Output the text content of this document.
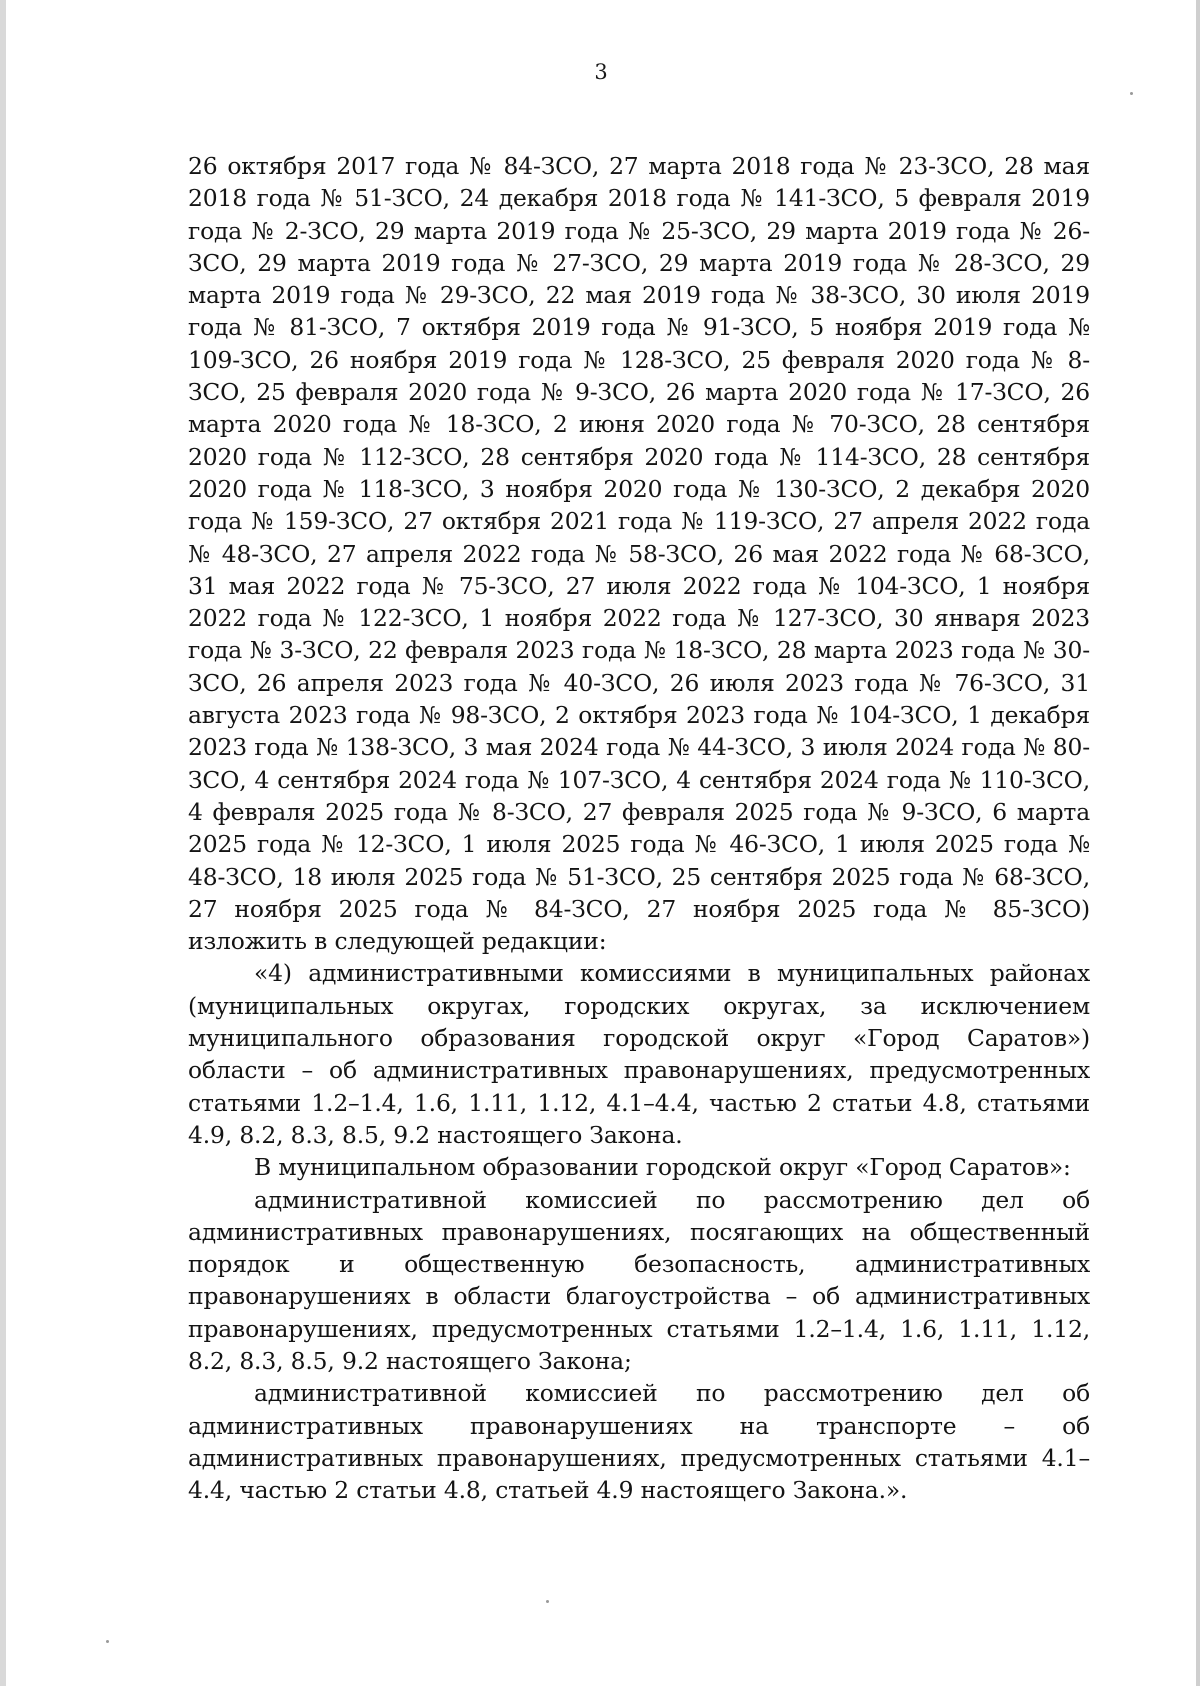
3

26 октября 2017 года № 84-ЗСО, 27 марта 2018 года № 23-ЗСО, 28 мая 2018 года № 51-ЗСО, 24 декабря 2018 года № 141-ЗСО, 5 февраля 2019 года № 2-ЗСО, 29 марта 2019 года № 25-ЗСО, 29 марта 2019 года № 26-ЗСО, 29 марта 2019 года № 27-ЗСО, 29 марта 2019 года № 28-ЗСО, 29 марта 2019 года № 29-ЗСО, 22 мая 2019 года № 38-ЗСО, 30 июля 2019 года № 81-ЗСО, 7 октября 2019 года № 91-ЗСО, 5 ноября 2019 года № 109-ЗСО, 26 ноября 2019 года № 128-ЗСО, 25 февраля 2020 года № 8-ЗСО, 25 февраля 2020 года № 9-ЗСО, 26 марта 2020 года № 17-ЗСО, 26 марта 2020 года № 18-ЗСО, 2 июня 2020 года № 70-ЗСО, 28 сентября 2020 года № 112-ЗСО, 28 сентября 2020 года № 114-ЗСО, 28 сентября 2020 года № 118-ЗСО, 3 ноября 2020 года № 130-ЗСО, 2 декабря 2020 года № 159-ЗСО, 27 октября 2021 года № 119-ЗСО, 27 апреля 2022 года № 48-ЗСО, 27 апреля 2022 года № 58-ЗСО, 26 мая 2022 года № 68-ЗСО, 31 мая 2022 года № 75-ЗСО, 27 июля 2022 года № 104-ЗСО, 1 ноября 2022 года № 122-ЗСО, 1 ноября 2022 года № 127-ЗСО, 30 января 2023 года № 3-ЗСО, 22 февраля 2023 года № 18-ЗСО, 28 марта 2023 года № 30-ЗСО, 26 апреля 2023 года № 40-ЗСО, 26 июля 2023 года № 76-ЗСО, 31 августа 2023 года № 98-ЗСО, 2 октября 2023 года № 104-ЗСО, 1 декабря 2023 года № 138-ЗСО, 3 мая 2024 года № 44-ЗСО, 3 июля 2024 года № 80-ЗСО, 4 сентября 2024 года № 107-ЗСО, 4 сентября 2024 года № 110-ЗСО, 4 февраля 2025 года № 8-ЗСО, 27 февраля 2025 года № 9-ЗСО, 6 марта 2025 года № 12-ЗСО, 1 июля 2025 года № 46-ЗСО, 1 июля 2025 года № 48-ЗСО, 18 июля 2025 года № 51-ЗСО, 25 сентября 2025 года № 68-ЗСО, 27 ноября 2025 года № 84-ЗСО, 27 ноября 2025 года № 85-ЗСО) изложить в следующей редакции:

«4) административными комиссиями в муниципальных районах (муниципальных округах, городских округах, за исключением муниципального образования городской округ «Город Саратов») области – об административных правонарушениях, предусмотренных статьями 1.2–1.4, 1.6, 1.11, 1.12, 4.1–4.4, частью 2 статьи 4.8, статьями 4.9, 8.2, 8.3, 8.5, 9.2 настоящего Закона.

В муниципальном образовании городской округ «Город Саратов»:

административной комиссией по рассмотрению дел об административных правонарушениях, посягающих на общественный порядок и общественную безопасность, административных правонарушениях в области благоустройства – об административных правонарушениях, предусмотренных статьями 1.2–1.4, 1.6, 1.11, 1.12, 8.2, 8.3, 8.5, 9.2 настоящего Закона;

административной комиссией по рассмотрению дел об административных правонарушениях на транспорте – об административных правонарушениях, предусмотренных статьями 4.1–4.4, частью 2 статьи 4.8, статьей 4.9 настоящего Закона.».
